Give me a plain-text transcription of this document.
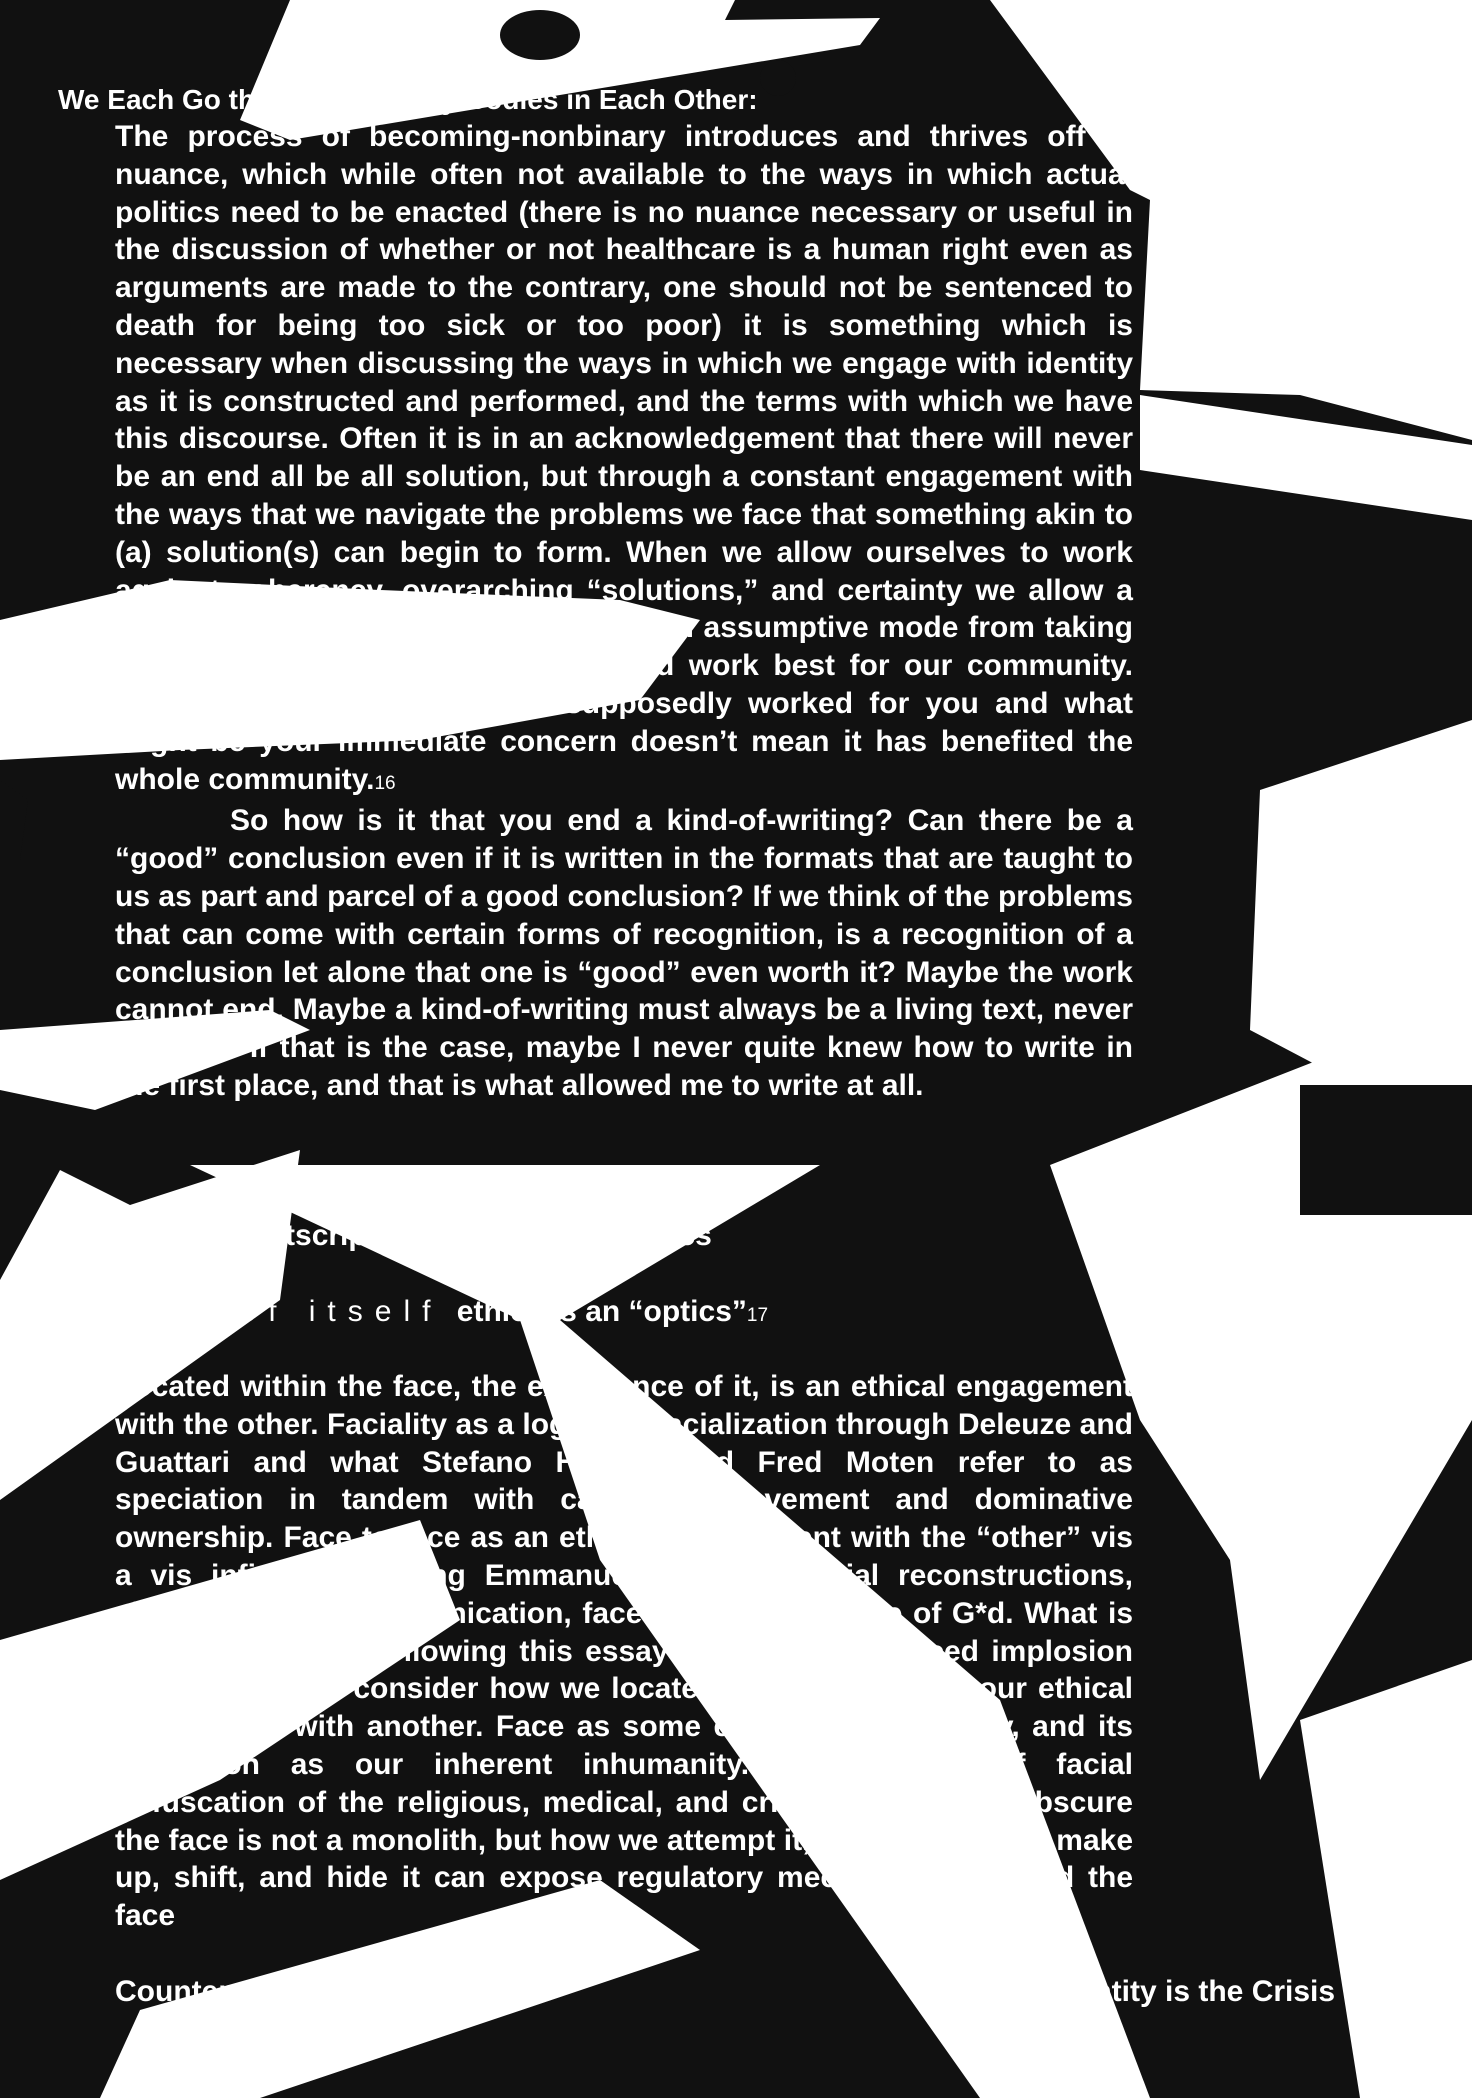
We Each Go through So Many Bodies in Each Other:	172

The process of becoming-nonbinary introduces and thrives off of nuance, which while often not available to the ways in which actual politics need to be enacted (there is no nuance necessary or useful in the discussion of whether or not healthcare is a human right even as arguments are made to the contrary, one should not be sentenced to death for being too sick or too poor) it is something which is necessary when discussing the ways in which we engage with identity as it is constructed and performed, and the terms with which we have this discourse. Often it is in an acknowledgement that there will never be an end all be all solution, but through a constant engagement with the ways that we navigate the problems we face that something akin to (a) solution(s) can begin to form. When we allow ourselves to work against coherency, overarching “solutions,” and certainty we allow a certain openness to form. It prevents an assumptive mode from taking over our decisions about what would work best for our community. Just because something has supposedly worked for you and what might be your immediate concern doesn’t mean it has benefited the whole community.16

So how is it that you end a kind-of-writing? Can there be a “good” conclusion even if it is written in the formats that are taught to us as part and parcel of a good conclusion? If we think of the problems that can come with certain forms of recognition, is a recognition of a conclusion let alone that one is “good” even worth it? Maybe the work cannot end. Maybe a kind-of-writing must always be a living text, never finished. If that is the case, maybe I never quite knew how to write in the first place, and that is what allowed me to write at all.

Postscript on the Face and Ethics
Already of itself ethics is an “optics”17

Located within the face, the experience of it, is an ethical engagement with the other. Faciality as a logics of racialization through Deleuze and Guattari and what Stefano Harney and Fred Moten refer to as speciation in tandem with capital improvement and dominative ownership. Face to face as an ethical engagement with the “other” vis a vis infinity, following Emmanuel Levinas. Facial reconstructions, virtual faces of communication, facetime, and the face of G*d. What is to be considered following this essay engaging a nuanced implosion of identity, is to consider how we locate in facial concerns our ethical imperatives with another. Face as some element of humanity, and its regulation as our inherent inhumanity. Complexities of facial obfuscation of the religious, medical, and criminal kinds. To obscure the face is not a monolith, but how we attempt it, how we contort, make up, shift, and hide it can expose regulatory mechanisms around the face

Counter-Signals 4	Identity is the Crisis
